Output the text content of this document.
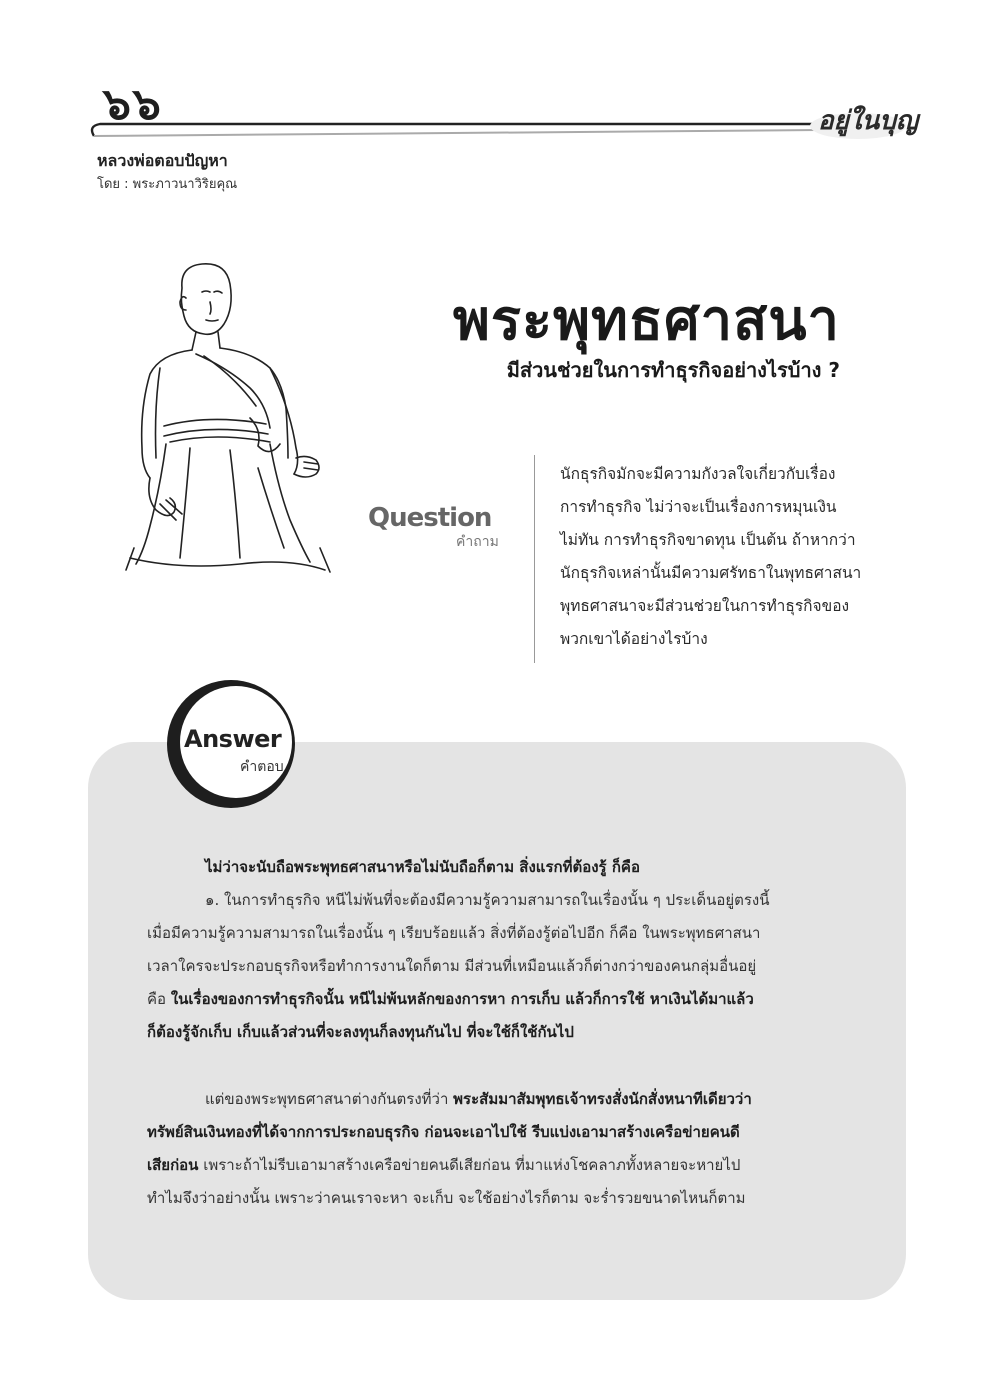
๖๖	อยู่ในบุญ
หลวงพ่อตอบปัญหา
โดย : พระภาวนาวิริยคุณ
พระพุทธศาสนา
มีส่วนช่วยในการทำธุรกิจอย่างไรบ้าง ?
Question
คำถาม

นักธุรกิจมักจะมีความกังวลใจเกี่ยวกับเรื่อง

การทำธุรกิจ ไม่ว่าจะเป็นเรื่องการหมุนเงิน

ไม่ทัน การทำธุรกิจขาดทุน เป็นต้น ถ้าหากว่า

นักธุรกิจเหล่านั้นมีความศรัทธาในพุทธศาสนา

พุทธศาสนาจะมีส่วนช่วยในการทำธุรกิจของ

พวกเขาได้อย่างไรบ้าง

Answer
คำตอบ
ไม่ว่าจะนับถือพระพุทธศาสนาหรือไม่นับถือก็ตาม สิ่งแรกที่ต้องรู้ ก็คือ
๑. ในการทำธุรกิจ หนีไม่พ้นที่จะต้องมีความรู้ความสามารถในเรื่องนั้น ๆ ประเด็นอยู่ตรงนี้
เมื่อมีความรู้ความสามารถในเรื่องนั้น ๆ เรียบร้อยแล้ว สิ่งที่ต้องรู้ต่อไปอีก ก็คือ ในพระพุทธศาสนา
เวลาใครจะประกอบธุรกิจหรือทำการงานใดก็ตาม มีส่วนที่เหมือนแล้วก็ต่างกว่าของคนกลุ่มอื่นอยู่
คือ ในเรื่องของการทำธุรกิจนั้น หนีไม่พ้นหลักของการหา การเก็บ แล้วก็การใช้ หาเงินได้มาแล้ว
ก็ต้องรู้จักเก็บ เก็บแล้วส่วนที่จะลงทุนก็ลงทุนกันไป ที่จะใช้ก็ใช้กันไป
แต่ของพระพุทธศาสนาต่างกันตรงที่ว่า พระสัมมาสัมพุทธเจ้าทรงสั่งนักสั่งหนาทีเดียวว่า
ทรัพย์สินเงินทองที่ได้จากการประกอบธุรกิจ ก่อนจะเอาไปใช้ รีบแบ่งเอามาสร้างเครือข่ายคนดี
เสียก่อน เพราะถ้าไม่รีบเอามาสร้างเครือข่ายคนดีเสียก่อน ที่มาแห่งโชคลาภทั้งหลายจะหายไป
ทำไมจึงว่าอย่างนั้น เพราะว่าคนเราจะหา จะเก็บ จะใช้อย่างไรก็ตาม จะร่ำรวยขนาดไหนก็ตาม
